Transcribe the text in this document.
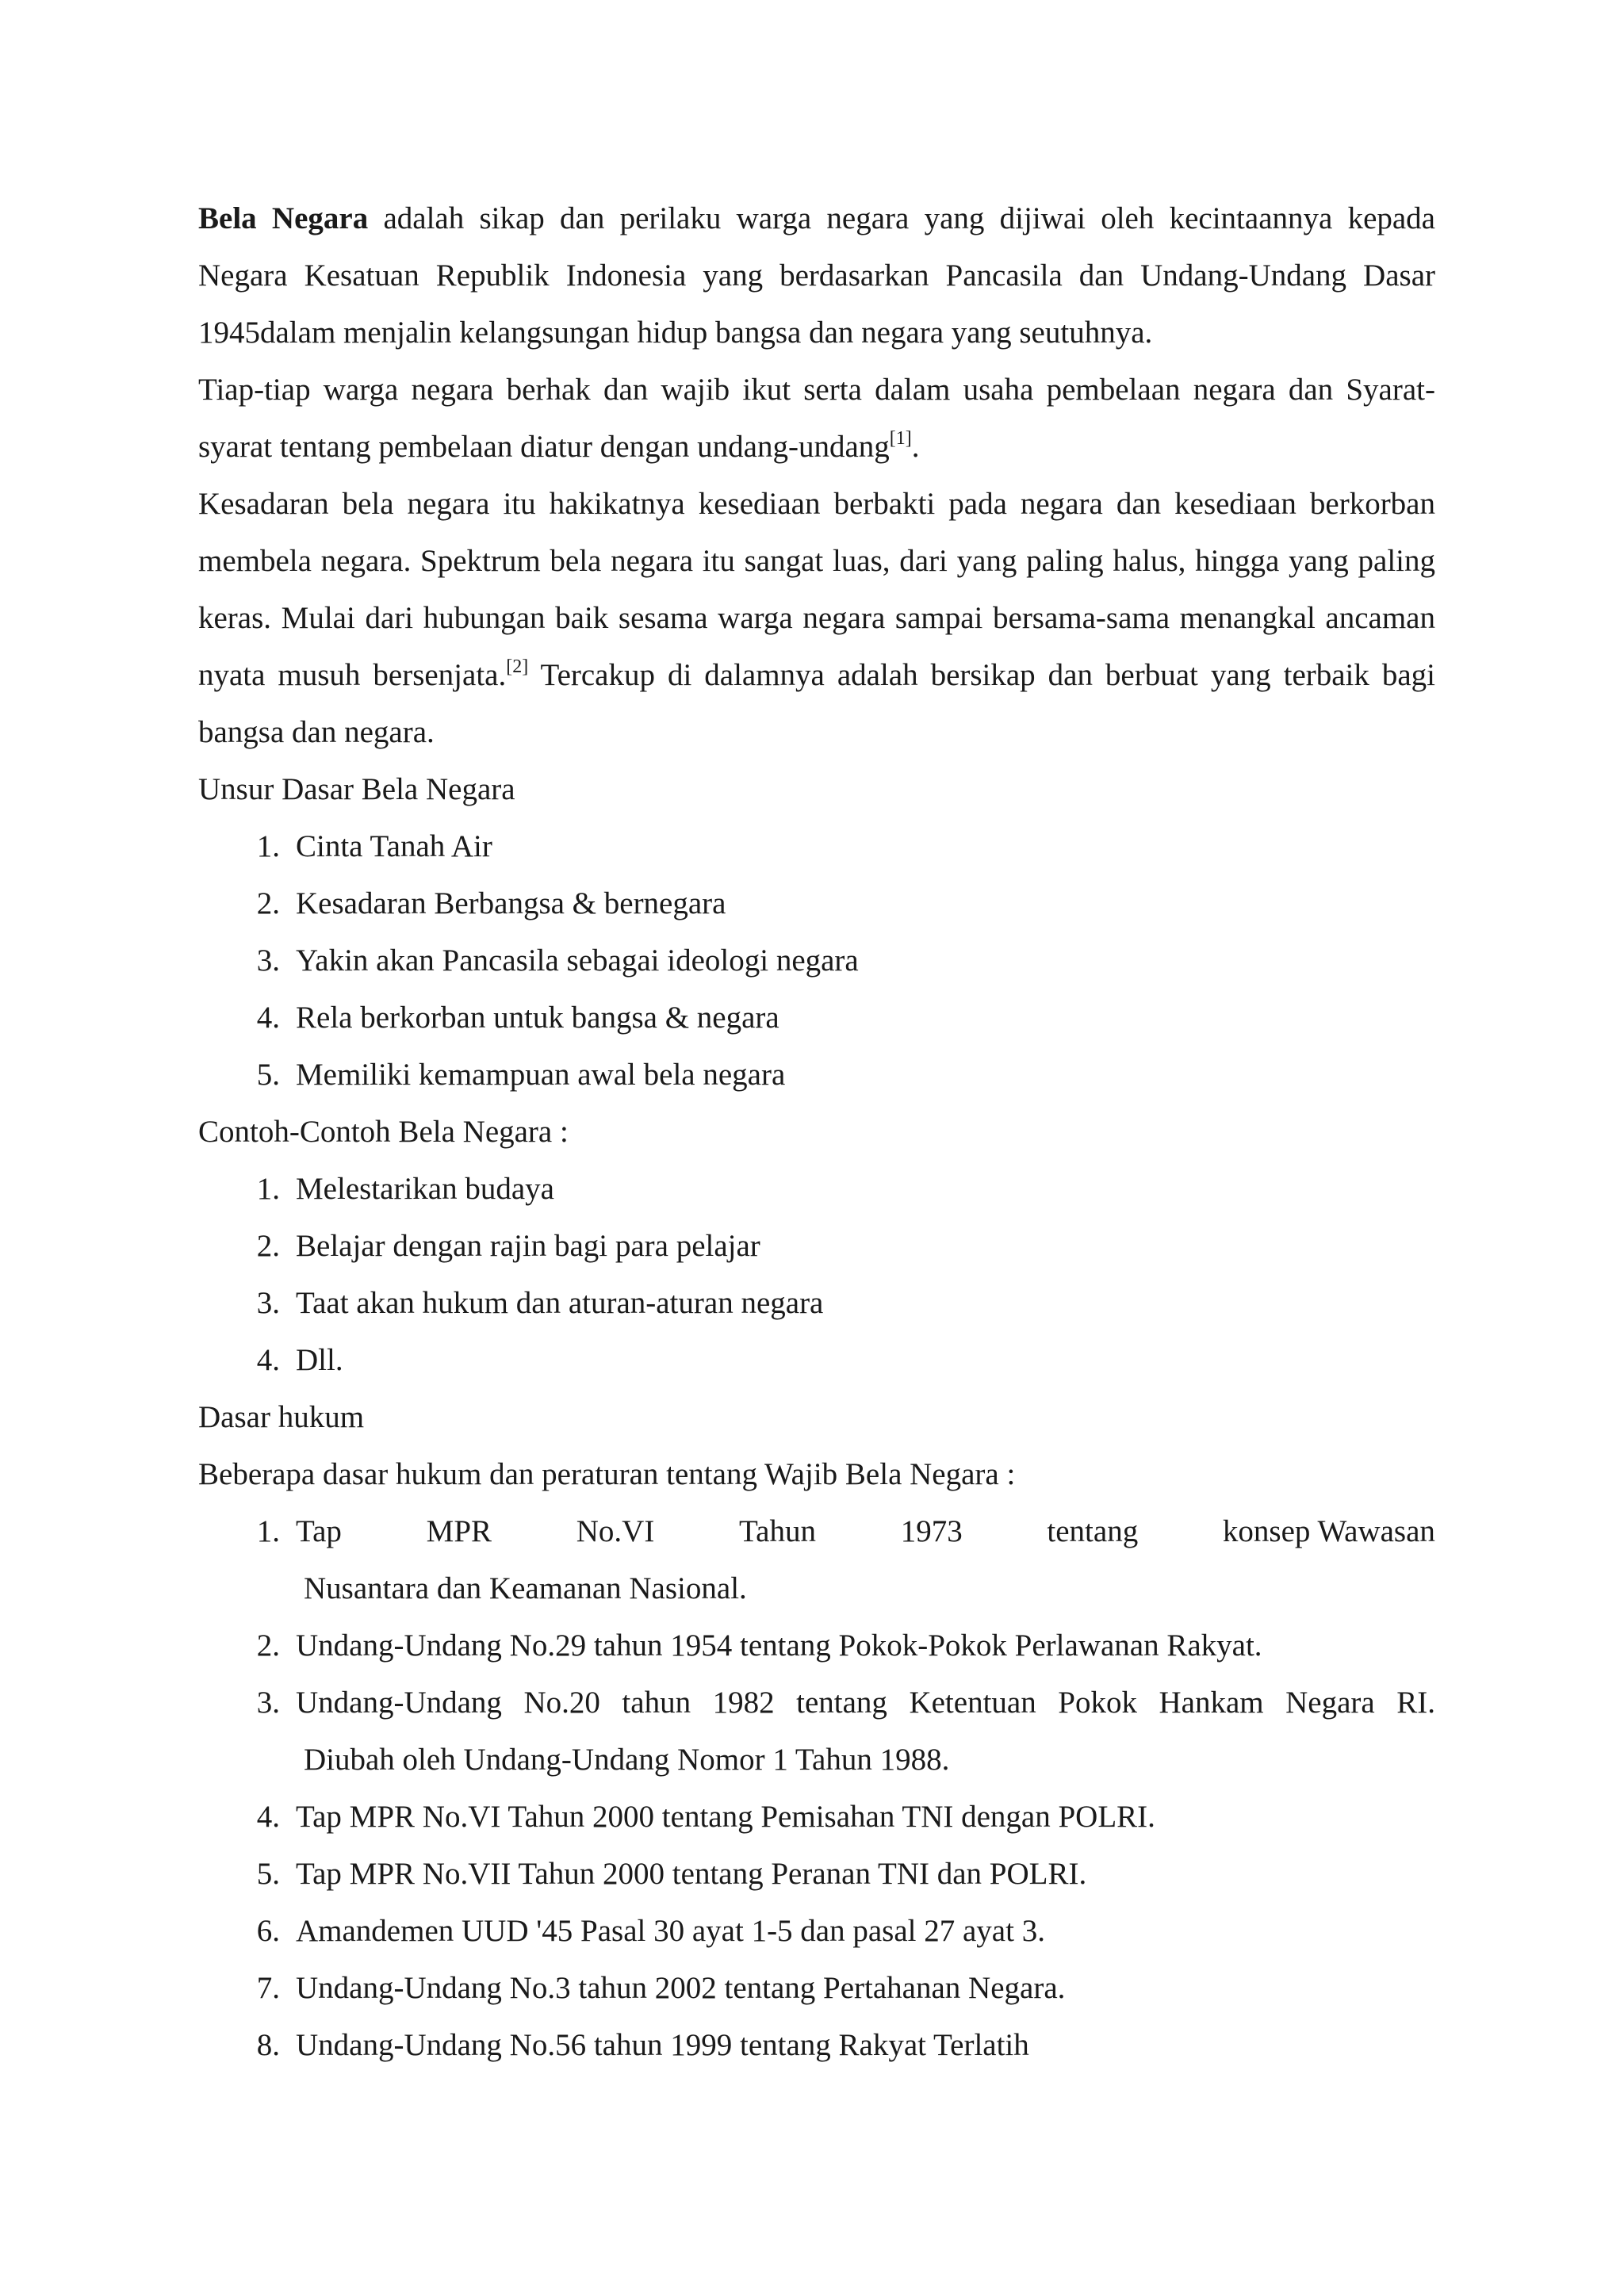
Bela Negara adalah sikap dan perilaku warga negara yang dijiwai oleh kecintaannya kepada Negara Kesatuan Republik Indonesia yang berdasarkan Pancasila dan Undang-Undang Dasar 1945dalam menjalin kelangsungan hidup bangsa dan negara yang seutuhnya.

Tiap-tiap warga negara berhak dan wajib ikut serta dalam usaha pembelaan negara dan Syarat-syarat tentang pembelaan diatur dengan undang-undang[1].

Kesadaran bela negara itu hakikatnya kesediaan berbakti pada negara dan kesediaan berkorban membela negara. Spektrum bela negara itu sangat luas, dari yang paling halus, hingga yang paling keras. Mulai dari hubungan baik sesama warga negara sampai bersama-sama menangkal ancaman nyata musuh bersenjata.[2] Tercakup di dalamnya adalah bersikap dan berbuat yang terbaik bagi bangsa dan negara.

Unsur Dasar Bela Negara

1. Cinta Tanah Air
2. Kesadaran Berbangsa & bernegara
3. Yakin akan Pancasila sebagai ideologi negara
4. Rela berkorban untuk bangsa & negara
5. Memiliki kemampuan awal bela negara

Contoh-Contoh Bela Negara :

1. Melestarikan budaya
2. Belajar dengan rajin bagi para pelajar
3. Taat akan hukum dan aturan-aturan negara
4. Dll.

Dasar hukum

Beberapa dasar hukum dan peraturan tentang Wajib Bela Negara :

1. Tap	MPR	No.VI	Tahun	1973	tentang	konsep Wawasan
Nusantara dan Keamanan Nasional.
2. Undang-Undang No.29 tahun 1954 tentang Pokok-Pokok Perlawanan Rakyat.
3. Undang-Undang No.20 tahun 1982 tentang Ketentuan Pokok Hankam Negara RI.
Diubah oleh Undang-Undang Nomor 1 Tahun 1988.
4. Tap MPR No.VI Tahun 2000 tentang Pemisahan TNI dengan POLRI.
5. Tap MPR No.VII Tahun 2000 tentang Peranan TNI dan POLRI.
6. Amandemen UUD '45 Pasal 30 ayat 1-5 dan pasal 27 ayat 3.
7. Undang-Undang No.3 tahun 2002 tentang Pertahanan Negara.
8. Undang-Undang No.56 tahun 1999 tentang Rakyat Terlatih
